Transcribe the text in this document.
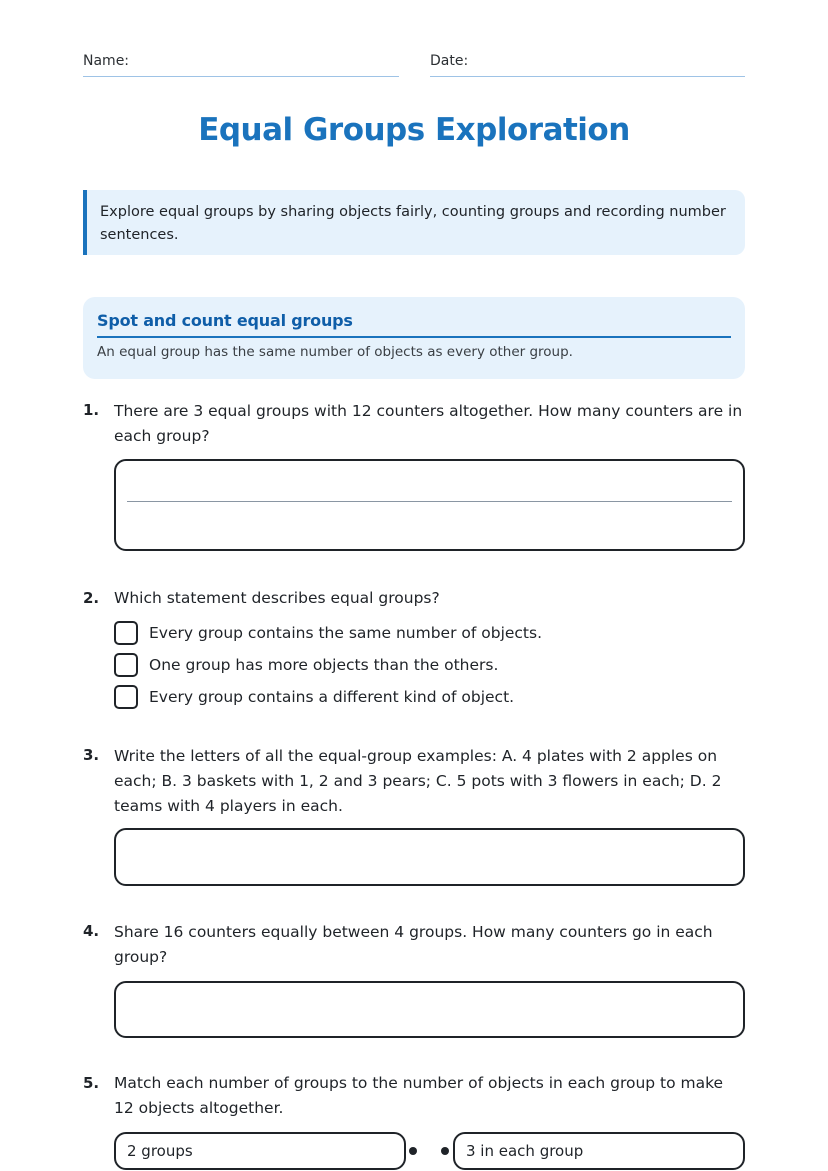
Name:	Date:
Equal Groups Exploration
Explore equal groups by sharing objects fairly, counting groups and recording number sentences.
Spot and count equal groups
An equal group has the same number of objects as every other group.
1. There are 3 equal groups with 12 counters altogether. How many counters are in each group?
2. Which statement describes equal groups?
Every group contains the same number of objects.
One group has more objects than the others.
Every group contains a different kind of object.
3. Write the letters of all the equal-group examples: A. 4 plates with 2 apples on each; B. 3 baskets with 1, 2 and 3 pears; C. 5 pots with 3 flowers in each; D. 2 teams with 4 players in each.
4. Share 16 counters equally between 4 groups. How many counters go in each group?
5. Match each number of groups to the number of objects in each group to make 12 objects altogether.
2 groups	3 in each group
